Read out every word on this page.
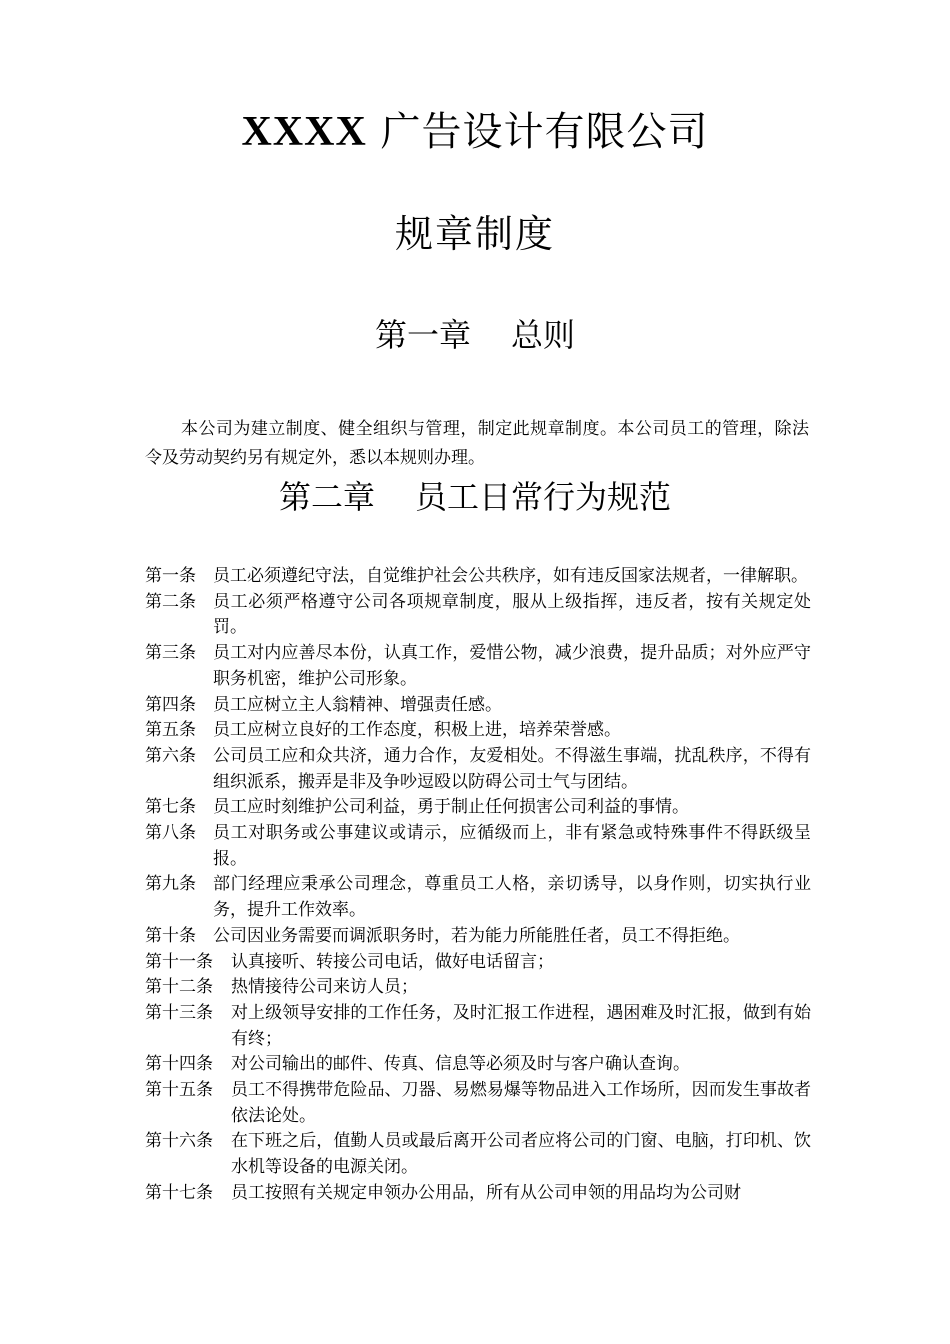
XXXX 广告设计有限公司
规章制度
第一章 总则

本公司为建立制度、健全组织与管理，制定此规章制度。本公司员工的管理，除法令及劳动契约另有规定外，悉以本规则办理。

第二章 员工日常行为规范
第一条	员工必须遵纪守法，自觉维护社会公共秩序，如有违反国家法规者，一律解职。
第二条	员工必须严格遵守公司各项规章制度，服从上级指挥，违反者，按有关规定处罚。
第三条	员工对内应善尽本份，认真工作，爱惜公物，减少浪费，提升品质；对外应严守职务机密，维护公司形象。
第四条	员工应树立主人翁精神、增强责任感。
第五条	员工应树立良好的工作态度，积极上进，培养荣誉感。
第六条	公司员工应和众共济，通力合作，友爱相处。不得滋生事端，扰乱秩序，不得有组织派系，搬弄是非及争吵逗殴以防碍公司士气与团结。
第七条	员工应时刻维护公司利益，勇于制止任何损害公司利益的事情。
第八条	员工对职务或公事建议或请示，应循级而上，非有紧急或特殊事件不得跃级呈报。
第九条	部门经理应秉承公司理念，尊重员工人格，亲切诱导，以身作则，切实执行业务，提升工作效率。
第十条	公司因业务需要而调派职务时，若为能力所能胜任者，员工不得拒绝。
第十一条	认真接听、转接公司电话，做好电话留言；
第十二条	热情接待公司来访人员；
第十三条	对上级领导安排的工作任务，及时汇报工作进程，遇困难及时汇报，做到有始有终；
第十四条	对公司输出的邮件、传真、信息等必须及时与客户确认查询。
第十五条	员工不得携带危险品、刀器、易燃易爆等物品进入工作场所，因而发生事故者依法论处。
第十六条	在下班之后，值勤人员或最后离开公司者应将公司的门窗、电脑，打印机、饮水机等设备的电源关闭。
第十七条	员工按照有关规定申领办公用品，所有从公司申领的用品均为公司财
